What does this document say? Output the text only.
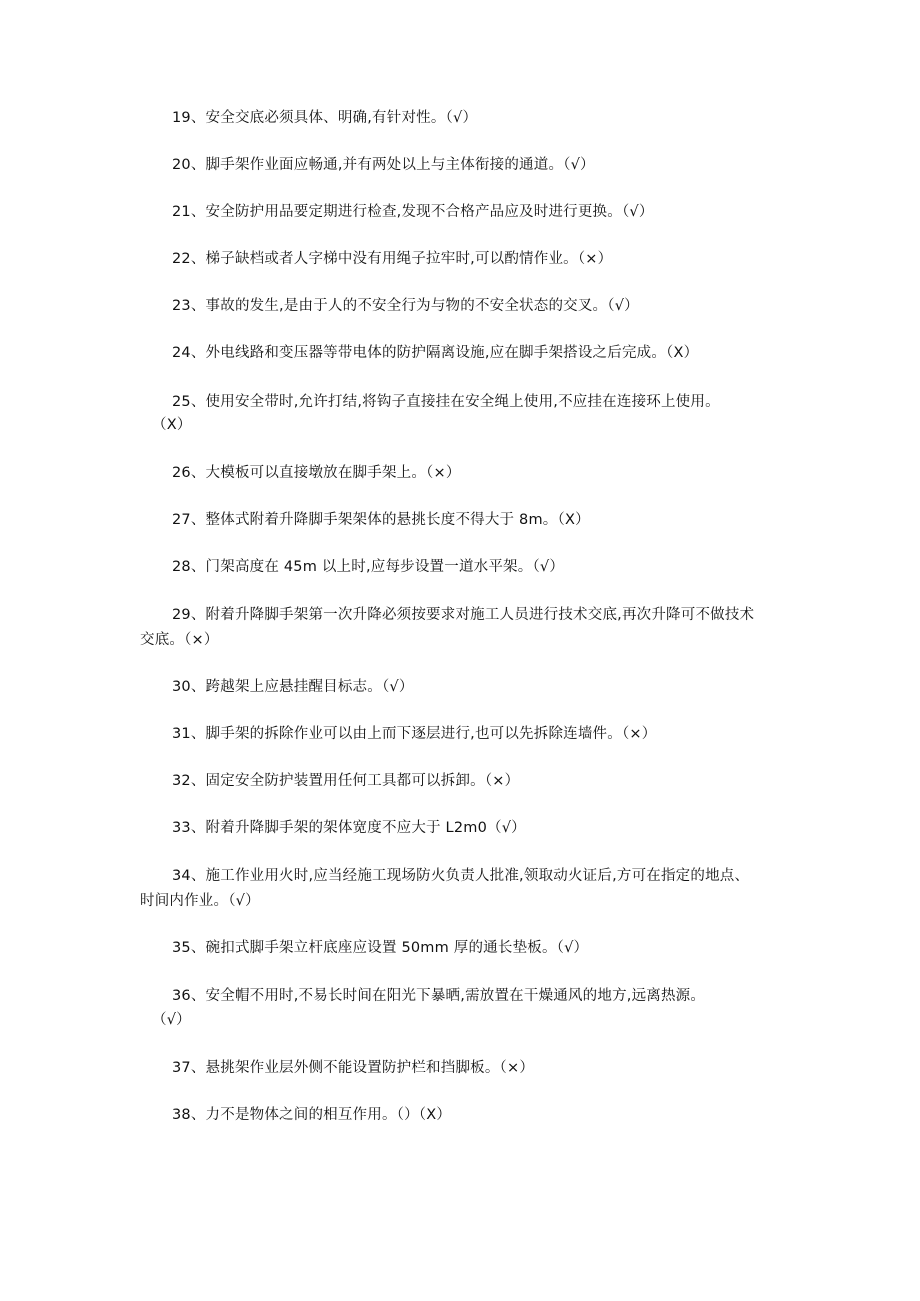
19、安全交底必须具体、明确,有针对性。（√）
20、脚手架作业面应畅通,并有两处以上与主体衔接的通道。（√）
21、安全防护用品要定期进行检查,发现不合格产品应及时进行更换。（√）
22、梯子缺档或者人字梯中没有用绳子拉牢时,可以酌情作业。（×）
23、事故的发生,是由于人的不安全行为与物的不安全状态的交叉。（√）
24、外电线路和变压器等带电体的防护隔离设施,应在脚手架搭设之后完成。（X）
25、使用安全带时,允许打结,将钩子直接挂在安全绳上使用,不应挂在连接环上使用。
（X）
26、大模板可以直接墩放在脚手架上。（×）
27、整体式附着升降脚手架架体的悬挑长度不得大于 8m。（X）
28、门架高度在 45m 以上时,应每步设置一道水平架。（√）
29、附着升降脚手架第一次升降必须按要求对施工人员进行技术交底,再次升降可不做技术
交底。（×）
30、跨越架上应悬挂醒目标志。（√）
31、脚手架的拆除作业可以由上而下逐层进行,也可以先拆除连墙件。（×）
32、固定安全防护装置用任何工具都可以拆卸。（×）
33、附着升降脚手架的架体宽度不应大于 L2m0（√）
34、施工作业用火时,应当经施工现场防火负责人批准,领取动火证后,方可在指定的地点、
时间内作业。（√）
35、碗扣式脚手架立杆底座应设置 50mm 厚的通长垫板。（√）
36、安全帽不用时,不易长时间在阳光下暴晒,需放置在干燥通风的地方,远离热源。
（√）
37、悬挑架作业层外侧不能设置防护栏和挡脚板。（×）
38、力不是物体之间的相互作用。（）（X）
